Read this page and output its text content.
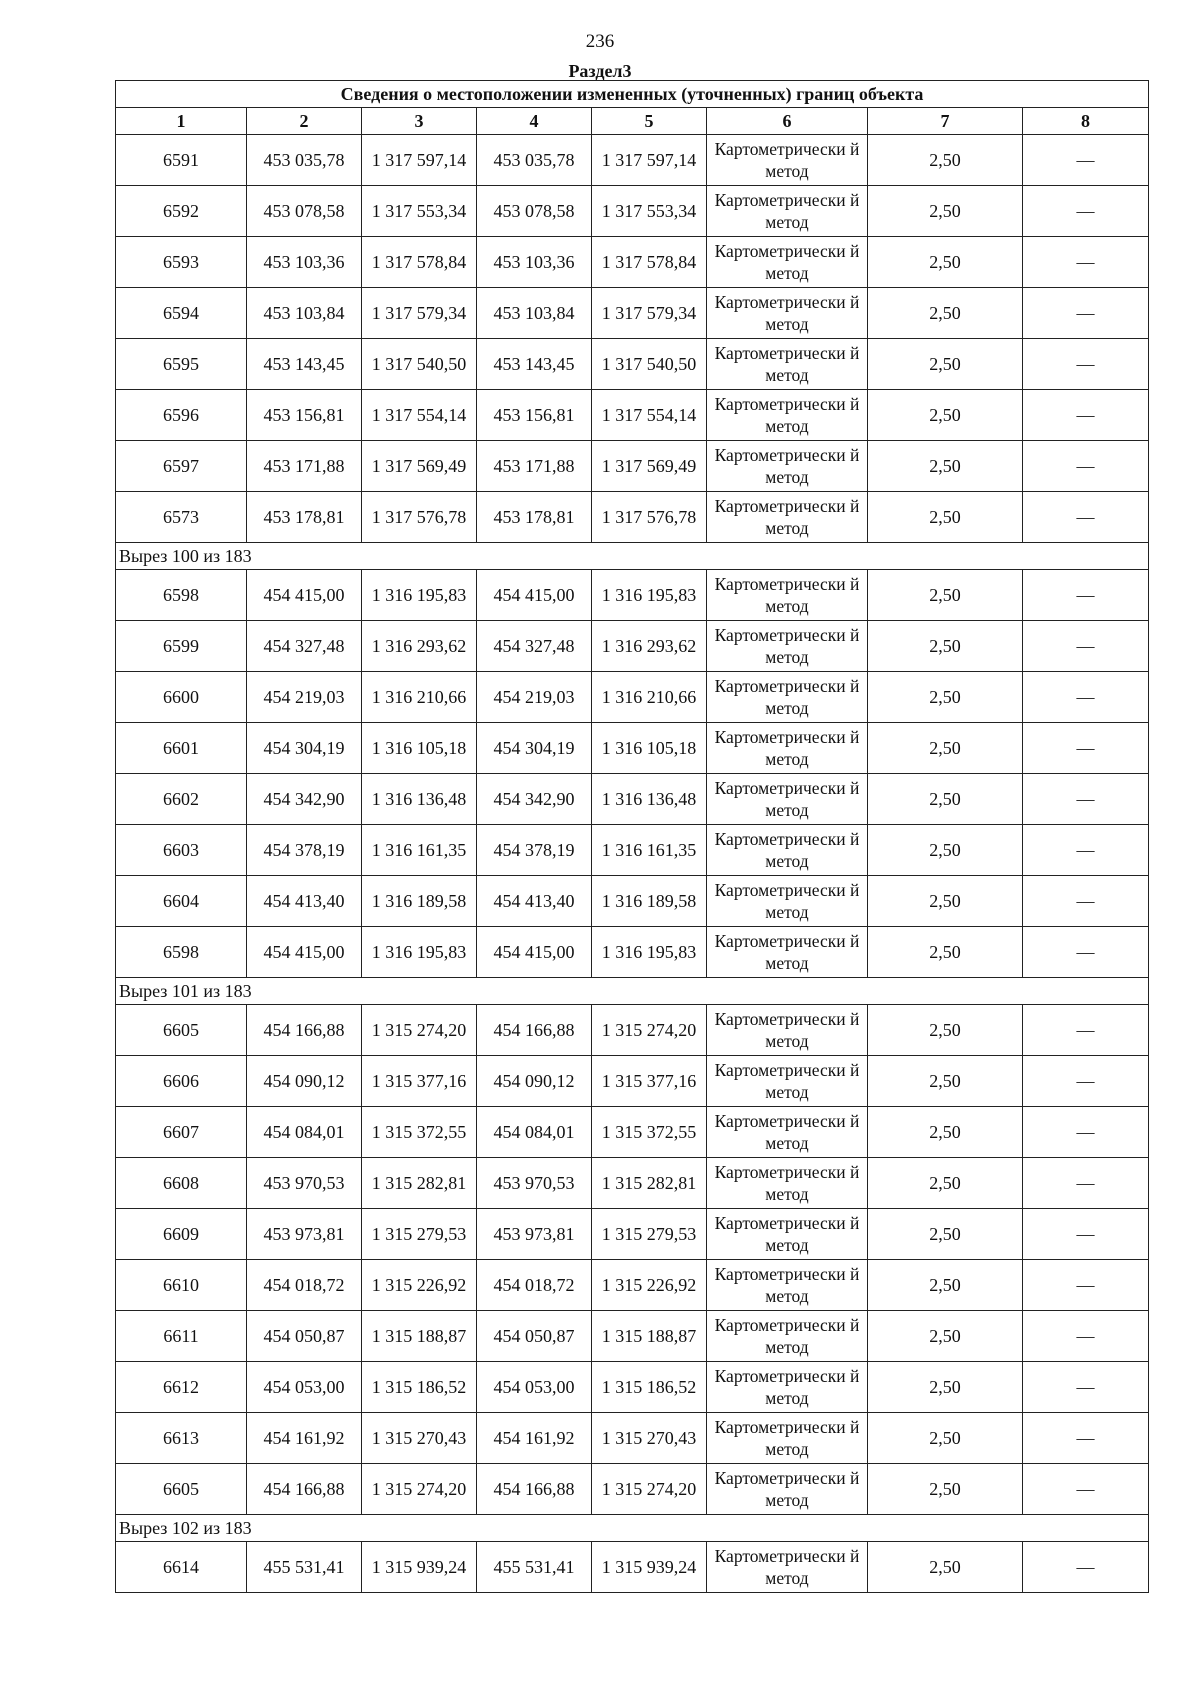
236
Раздел3
Сведения о местоположении измененных (уточненных) границ объекта							
1	2	3	4	5	6	7	8
6591	453 035,78	1 317 597,14	453 035,78	1 317 597,14	Картометрически й метод	2,50	—
6592	453 078,58	1 317 553,34	453 078,58	1 317 553,34	Картометрически й метод	2,50	—
6593	453 103,36	1 317 578,84	453 103,36	1 317 578,84	Картометрически й метод	2,50	—
6594	453 103,84	1 317 579,34	453 103,84	1 317 579,34	Картометрически й метод	2,50	—
6595	453 143,45	1 317 540,50	453 143,45	1 317 540,50	Картометрически й метод	2,50	—
6596	453 156,81	1 317 554,14	453 156,81	1 317 554,14	Картометрически й метод	2,50	—
6597	453 171,88	1 317 569,49	453 171,88	1 317 569,49	Картометрически й метод	2,50	—
6573	453 178,81	1 317 576,78	453 178,81	1 317 576,78	Картометрически й метод	2,50	—
Вырез 100 из 183							
6598	454 415,00	1 316 195,83	454 415,00	1 316 195,83	Картометрически й метод	2,50	—
6599	454 327,48	1 316 293,62	454 327,48	1 316 293,62	Картометрически й метод	2,50	—
6600	454 219,03	1 316 210,66	454 219,03	1 316 210,66	Картометрически й метод	2,50	—
6601	454 304,19	1 316 105,18	454 304,19	1 316 105,18	Картометрически й метод	2,50	—
6602	454 342,90	1 316 136,48	454 342,90	1 316 136,48	Картометрически й метод	2,50	—
6603	454 378,19	1 316 161,35	454 378,19	1 316 161,35	Картометрически й метод	2,50	—
6604	454 413,40	1 316 189,58	454 413,40	1 316 189,58	Картометрически й метод	2,50	—
6598	454 415,00	1 316 195,83	454 415,00	1 316 195,83	Картометрически й метод	2,50	—
Вырез 101 из 183							
6605	454 166,88	1 315 274,20	454 166,88	1 315 274,20	Картометрически й метод	2,50	—
6606	454 090,12	1 315 377,16	454 090,12	1 315 377,16	Картометрически й метод	2,50	—
6607	454 084,01	1 315 372,55	454 084,01	1 315 372,55	Картометрически й метод	2,50	—
6608	453 970,53	1 315 282,81	453 970,53	1 315 282,81	Картометрически й метод	2,50	—
6609	453 973,81	1 315 279,53	453 973,81	1 315 279,53	Картометрически й метод	2,50	—
6610	454 018,72	1 315 226,92	454 018,72	1 315 226,92	Картометрически й метод	2,50	—
6611	454 050,87	1 315 188,87	454 050,87	1 315 188,87	Картометрически й метод	2,50	—
6612	454 053,00	1 315 186,52	454 053,00	1 315 186,52	Картометрически й метод	2,50	—
6613	454 161,92	1 315 270,43	454 161,92	1 315 270,43	Картометрически й метод	2,50	—
6605	454 166,88	1 315 274,20	454 166,88	1 315 274,20	Картометрически й метод	2,50	—
Вырез 102 из 183							
6614	455 531,41	1 315 939,24	455 531,41	1 315 939,24	Картометрически й метод	2,50	—
